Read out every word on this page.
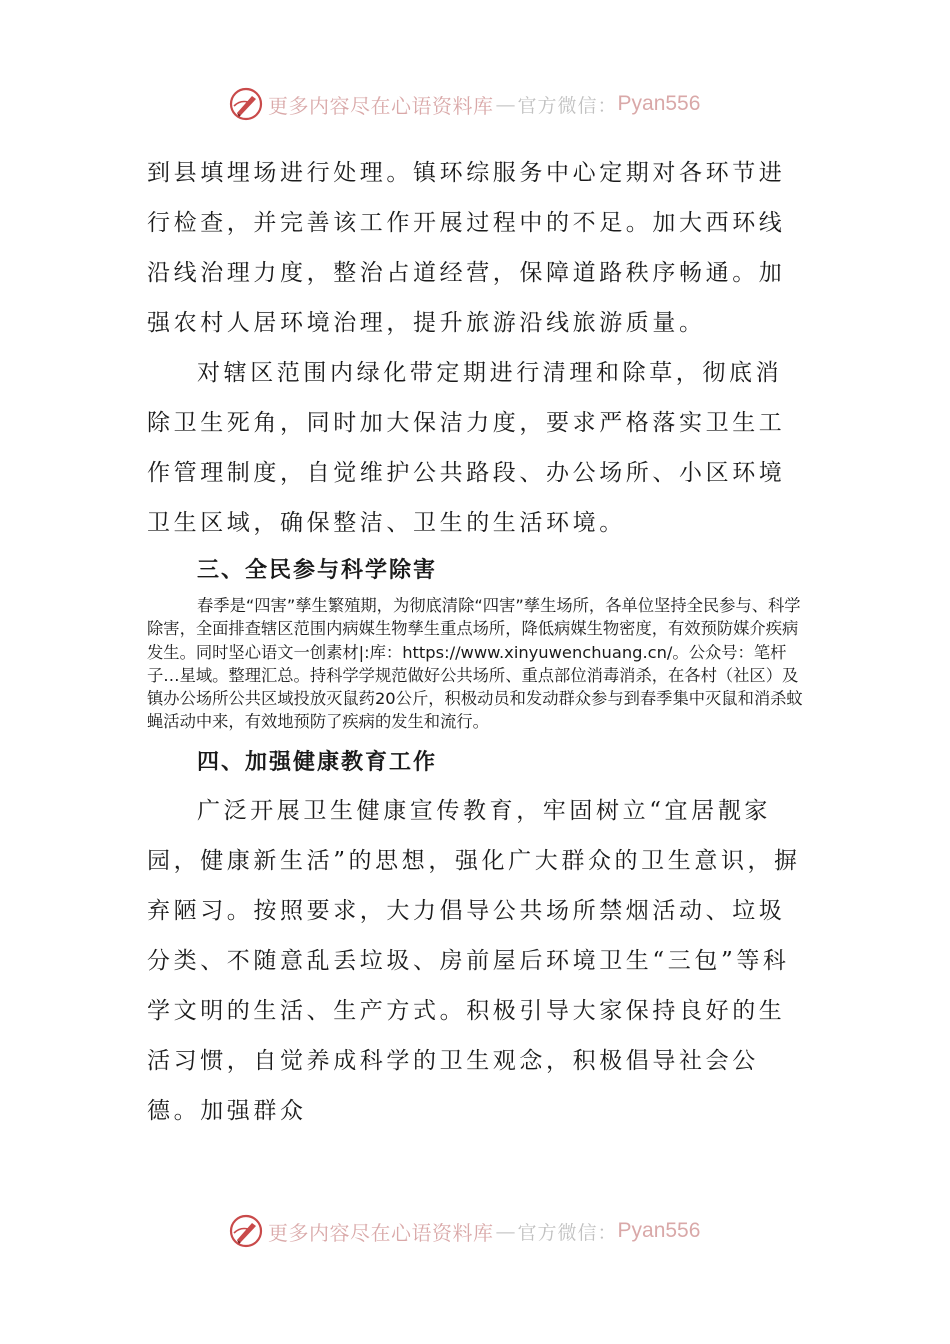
更多内容尽在心语资料库 — 官方微信： Pyan556

到县填埋场进行处理。镇环综服务中心定期对各环节进行检查，并完善该工作开展过程中的不足。加大西环线沿线治理力度，整治占道经营，保障道路秩序畅通。加强农村人居环境治理，提升旅游沿线旅游质量。

对辖区范围内绿化带定期进行清理和除草，彻底消除卫生死角，同时加大保洁力度，要求严格落实卫生工作管理制度，自觉维护公共路段、办公场所、小区环境卫生区域，确保整洁、卫生的生活环境。

三、全民参与科学除害

春季是“四害”孳生繁殖期，为彻底清除“四害”孳生场所，各单位坚持全民参与、科学除害，全面排查辖区范围内病媒生物孳生重点场所，降低病媒生物密度，有效预防媒介疾病发生。同时坚心语文一创素材|:库：https://www.xinyuwenchuang.cn/。公众号：笔杆子…星域。整理汇总。持科学学规范做好公共场所、重点部位消毒消杀，在各村（社区）及镇办公场所公共区域投放灭鼠药20公斤，积极动员和发动群众参与到春季集中灭鼠和消杀蚊蝇活动中来，有效地预防了疾病的发生和流行。

四、加强健康教育工作

广泛开展卫生健康宣传教育，牢固树立“宜居靓家园，健康新生活”的思想，强化广大群众的卫生意识，摒弃陋习。按照要求，大力倡导公共场所禁烟活动、垃圾分类、不随意乱丢垃圾、房前屋后环境卫生“三包”等科学文明的生活、生产方式。积极引导大家保持良好的生活习惯，自觉养成科学的卫生观念，积极倡导社会公德。加强群众

更多内容尽在心语资料库 — 官方微信： Pyan556
